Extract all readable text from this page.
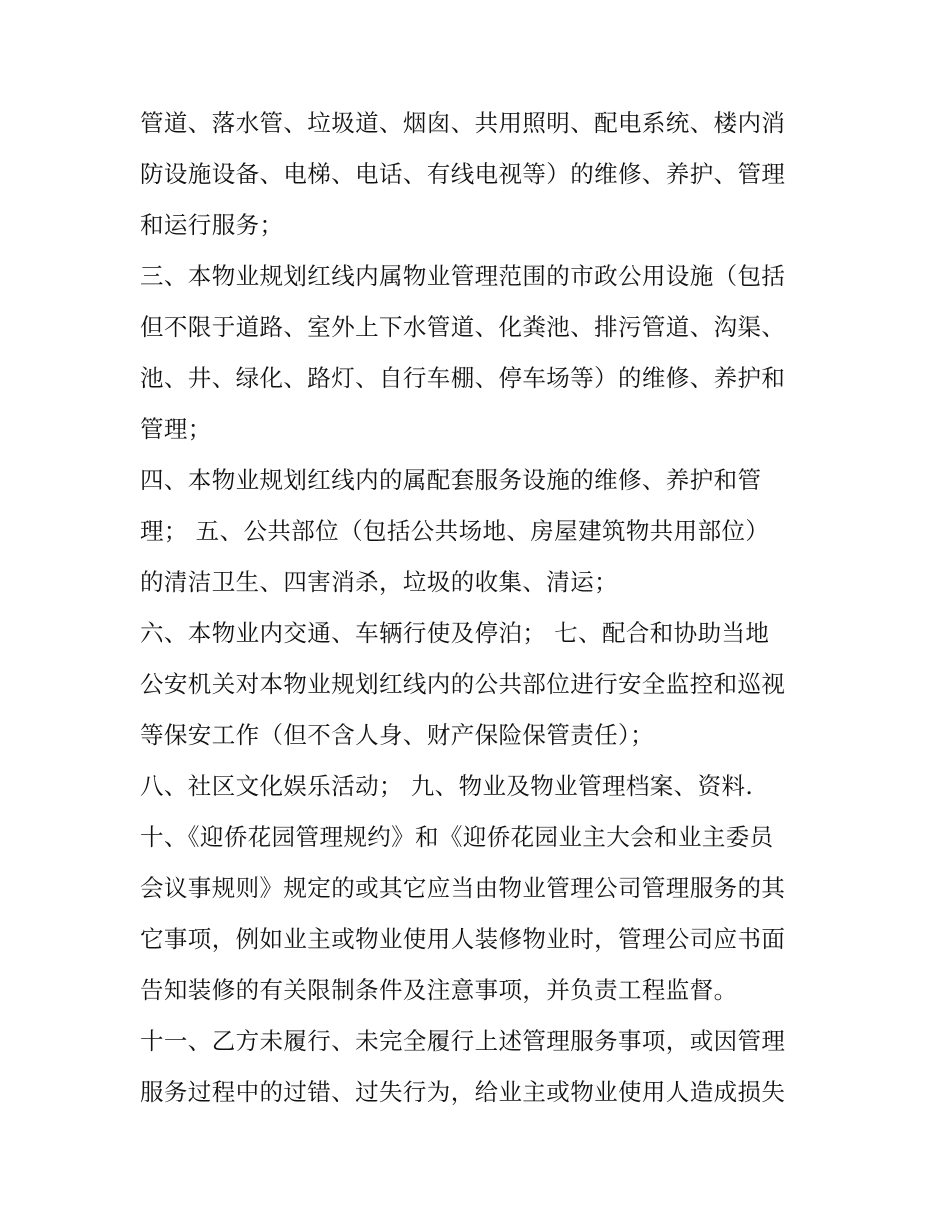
管道、落水管、垃圾道、烟囱、共用照明、配电系统、楼内消
防设施设备、电梯、电话、有线电视等）的维修、养护、管理
和运行服务；
三、本物业规划红线内属物业管理范围的市政公用设施（包括
但不限于道路、室外上下水管道、化粪池、排污管道、沟渠、
池、井、绿化、路灯、自行车棚、停车场等）的维修、养护和
管理；
四、本物业规划红线内的属配套服务设施的维修、养护和管
理； 五、公共部位（包括公共场地、房屋建筑物共用部位）
的清洁卫生、四害消杀，垃圾的收集、清运；
六、本物业内交通、车辆行使及停泊； 七、配合和协助当地
公安机关对本物业规划红线内的公共部位进行安全监控和巡视
等保安工作（但不含人身、财产保险保管责任）；
八、社区文化娱乐活动； 九、物业及物业管理档案、资料.
十、《迎侨花园管理规约》和《迎侨花园业主大会和业主委员
会议事规则》规定的或其它应当由物业管理公司管理服务的其
它事项，例如业主或物业使用人装修物业时，管理公司应书面
告知装修的有关限制条件及注意事项，并负责工程监督。
十一、乙方未履行、未完全履行上述管理服务事项，或因管理
服务过程中的过错、过失行为，给业主或物业使用人造成损失
